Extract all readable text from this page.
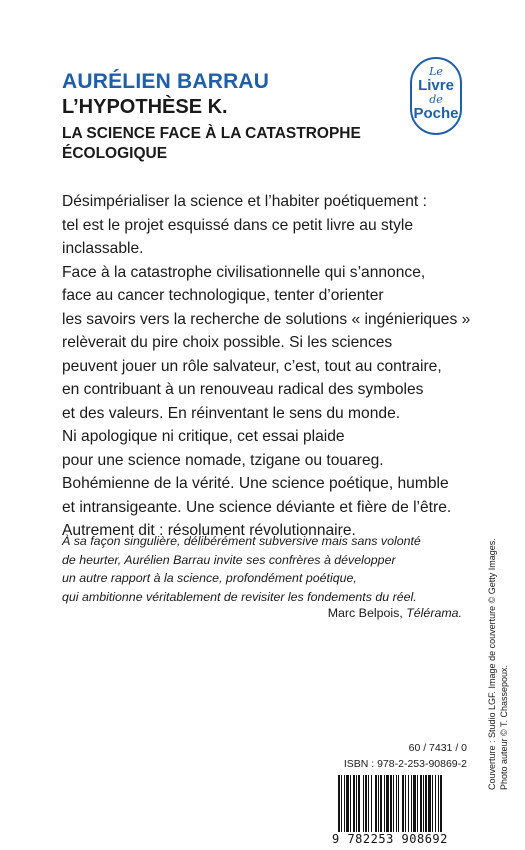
AURÉLIEN BARRAU
L’HYPOTHÈSE K.
LA SCIENCE FACE À LA CATASTROPHE
ÉCOLOGIQUE
Le
Livre
de
Poche

Désimpérialiser la science et l’habiter poétiquement :

tel est le projet esquissé dans ce petit livre au style

inclassable.

Face à la catastrophe civilisationnelle qui s’annonce,

face au cancer technologique, tenter d’orienter

les savoirs vers la recherche de solutions « ingénieriques »

relèverait du pire choix possible. Si les sciences

peuvent jouer un rôle salvateur, c’est, tout au contraire,

en contribuant à un renouveau radical des symboles

et des valeurs. En réinventant le sens du monde.

Ni apologique ni critique, cet essai plaide

pour une science nomade, tzigane ou touareg.

Bohémienne de la vérité. Une science poétique, humble

et intransigeante. Une science déviante et fière de l’être.

Autrement dit : résolument révolutionnaire.

À sa façon singulière, délibérément subversive mais sans volonté

de heurter, Aurélien Barrau invite ses confrères à développer

un autre rapport à la science, profondément poétique,

qui ambitionne véritablement de revisiter les fondements du réel.

Marc Belpois, Télérama.	Couverture : Studio LGF. Image de couverture © Getty Images. Photo auteur © T. Chassepoux.
60 / 7431 / 0
ISBN : 978-2-253-90869-2
9 782253 908692
